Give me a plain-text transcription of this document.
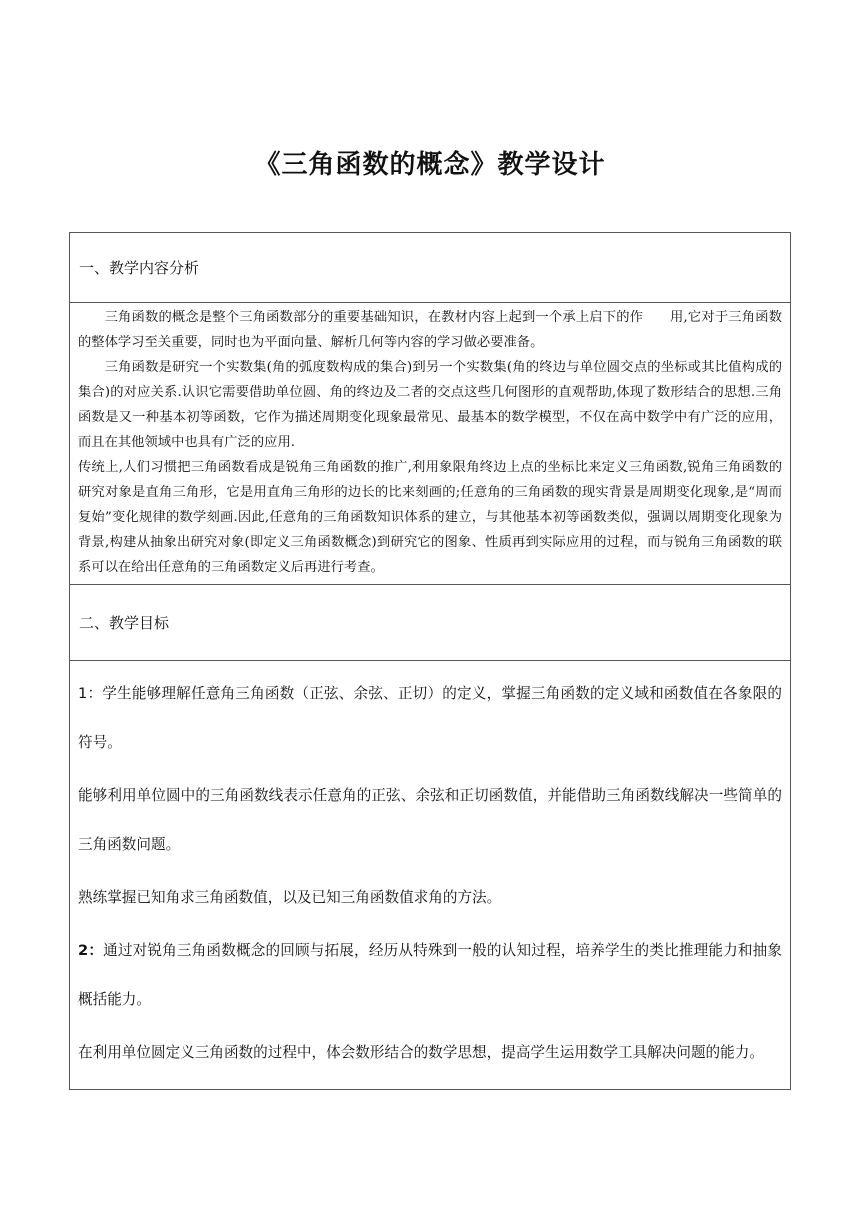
《三角函数的概念》教学设计
一、教学内容分析

三角函数的概念是整个三角函数部分的重要基础知识，在教材内容上起到一个承上启下的作　　用,它对于三角函数的整体学习至关重要，同时也为平面向量、解析几何等内容的学习做必要准备。

三角函数是研究一个实数集(角的弧度数构成的集合)到另一个实数集(角的终边与单位圆交点的坐标或其比值构成的集合)的对应关系.认识它需要借助单位圆、角的终边及二者的交点这些几何图形的直观帮助,体现了数形结合的思想.三角函数是又一种基本初等函数，它作为描述周期变化现象最常见、最基本的数学模型，不仅在高中数学中有广泛的应用，而且在其他领域中也具有广泛的应用.

传统上,人们习惯把三角函数看成是锐角三角函数的推广,利用象限角终边上点的坐标比来定义三角函数,锐角三角函数的研究对象是直角三角形，它是用直角三角形的边长的比来刻画的;任意角的三角函数的现实背景是周期变化现象,是“周而复始”变化规律的数学刻画.因此,任意角的三角函数知识体系的建立，与其他基本初等函数类似，强调以周期变化现象为背景,构建从抽象出研究对象(即定义三角函数概念)到研究它的图象、性质再到实际应用的过程，而与锐角三角函数的联系可以在给出任意角的三角函数定义后再进行考查。

二、教学目标

1：学生能够理解任意角三角函数（正弦、余弦、正切）的定义，掌握三角函数的定义域和函数值在各象限的符号。

能够利用单位圆中的三角函数线表示任意角的正弦、余弦和正切函数值，并能借助三角函数线解决一些简单的三角函数问题。

熟练掌握已知角求三角函数值，以及已知三角函数值求角的方法。

2：通过对锐角三角函数概念的回顾与拓展，经历从特殊到一般的认知过程，培养学生的类比推理能力和抽象概括能力。

在利用单位圆定义三角函数的过程中，体会数形结合的数学思想，提高学生运用数学工具解决问题的能力。
